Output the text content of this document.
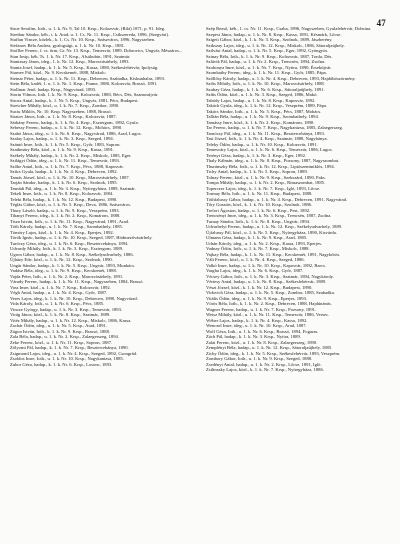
47

Stroe Serafim, Ioth., u. 1. k. Nr. 9, Tal 10. Krsp., Kolozsvár, (Rilá) 1871, p. 91. Ideg.

Streibur Sándor, kéb., t. k. Arad, u. 1. Cs. Nr. 11. Krsp., Csíkszereda, 1896, (Szegvári).

Staffan Vincze, közlek., k. 1. Cs. Nr. 10. Krsp., Szászváros, 1896, Nagyszeben.

Stefanov Béla Andrea, gyalogsági, u. 1. k. Nr. 10. Krsp., 1881.

Stoffler Ferenc, f. cs. őrm, Gr. Nr. 13. Krsp., Temesvár, 1889, Dobrovics, Ungvár, Mészáros...

Stan Iosip, kéb. Ts. 1. k. Nr. 17. Krsp., Alsókubin, 1891, Szatmár.

Stanizsay János, ideg., 1. k. Nr. 12. Krsp., Marosvásárhely, 1893.

Stanta Josef, hadap., k. 1. k. Nr. 5. Krsp., Kassa, 1880, Székesfehérvár, Ipolyság.

Starnev Pál, közl., Nr. 9. Kecskemét, 1888, Miskolc.

Steinar Péter, hadap., u. 1. k. Nr. 11. Krsp., Debrecen, Szabadka, Kiskunhalas, 1893.

Stein Béla, kadét, 1. u. 1. k. Nr. 1. Krsp., Fiume, 1880, Kolozsvár, Brassó, 1891.

Stollmar Jenő, hadap. Krsp., Nagyvárad, 1893.

Storin Vilmos, Ioth. 1. k. Nr. 9. Krsp., Kolozsvár, 1880, Bécs, Dés, Szamosújvár.

Strosz Antal, hadap., k. 1. Nr. 5. Krsp., Ungvár, 1881, Pécs, Budapest.

Streicher Mihály, közl., u. 1. k. Nr. 7. Krsp., Zombor, 1890.

Suciu Miklós, Nr. 10. Krsp. Nagyszeben, 1888, Brassó.

Stratov János, Ioth., u. 1. k. Nr. 8. Krsp., Kolozsvár, 1887.

Sárkány Ferenc, hadap., k. 1. k. Nr. 4. Krsp., Esztergom, 1892, Gyula.

Sebessy Ferenc, hadap., u. 1. k. Nr. 12. Krsp., Mohács, 1890.

Szabó János, ideg., u. 1. k. Nr. 6. Krsp., Nagyvárad, 1886, Arad, Lugos.

Szalay Lajos, hadap., u. 1. k. Nr. 3. Krsp., Szeged, 1894.

Szántó Imre, Ioth., k. 1. k. Nr. 5. Krsp., Győr, 1883, Sopron.

Szathmáry Béla, közl., u. 1. k. Nr. 9. Krsp., Kassa, 1891.

Székely Mihály, hadap., k. 1. k. Nr. 2. Krsp., Miskolc, 1885, Eger.

Szilágyi Ödön, ideg., u. 1. k. Nr. 11. Krsp., Temesvár, 1893.

Szőke Antal, Ioth., u. 1. k. Nr. 7. Krsp., Pécs, 1888, Kaposvár.

Szűcs Gyula, hadap., k. 1. k. Nr. 4. Krsp., Debrecen, 1892.

Tamás József, közl., u. 1. k. Nr. 10. Krsp., Marosvásárhely, 1887.

Tarján Sándor, hadap., k. 1. k. Nr. 6. Krsp., Szolnok, 1895.

Tasnádi Pál, ideg., u. 1. k. Nr. 3. Krsp., Nyíregyháza, 1889, Szatmár.

Tekeli Imre, Ioth., u. 1. k. Nr. 8. Krsp., Kolozsvár, 1884.

Teleki Béla, hadap., k. 1. k. Nr. 12. Krsp., Budapest, 1890.

Téglás Gábor, közl., u. 1. k. Nr. 5. Krsp., Deva, 1886, Szászváros.

Thury László, hadap., u. 1. k. Nr. 9. Krsp., Veszprém, 1893.

Tihanyi Ferenc, ideg., k. 1. k. Nr. 2. Krsp., Komárom, 1888.

Tisza István, Ioth., u. 1. k. Nr. 11. Krsp., Nagyvárad, 1891, Arad.

Tóth Károly, hadap., u. 1. k. Nr. 7. Krsp., Szombathely, 1885.

Tömöry Lajos, közl., k. 1. k. Nr. 4. Krsp., Eperjes, 1892.

Török Ignác, hadap., u. 1. k. Nr. 10. Krsp., Szeged, 1887, Hódmezővásárhely.

Turóczy Géza, ideg., u. 1. k. Nr. 6. Krsp., Besztercebánya, 1894.

Udvardy Mihály, Ioth., k. 1. k. Nr. 3. Krsp., Esztergom, 1889.

Ugron Gábor, hadap., u. 1. k. Nr. 8. Krsp., Székelyudvarhely, 1886.

Újházy Ede, közl., u. 1. k. Nr. 12. Krsp., Szolnok, 1890.

Ungár Sándor, hadap., k. 1. k. Nr. 5. Krsp., Ungvár, 1893, Munkács.

Vadász Béla, ideg., u. 1. k. Nr. 9. Krsp., Kecskemét, 1888.

Vajda Péter, Ioth., u. 1. k. Nr. 2. Krsp., Marosvásárhely, 1891.

Várady Ferenc, hadap., k. 1. k. Nr. 11. Krsp., Nagyszeben, 1884, Brassó.

Vass Imre, közl., u. 1. k. Nr. 7. Krsp., Kolozsvár, 1892.

Végh Antal, hadap., u. 1. k. Nr. 4. Krsp., Győr, 1887.

Veres Lajos, ideg., k. 1. k. Nr. 10. Krsp., Debrecen, 1890, Nagyvárad.

Vida Károly, Ioth., u. 1. k. Nr. 6. Krsp., Pécs, 1885.

Vincze György, hadap., u. 1. k. Nr. 3. Krsp., Temesvár, 1893.

Virág János, közl., k. 1. k. Nr. 8. Krsp., Szatmár, 1889.

Vitéz Mihály, hadap., u. 1. k. Nr. 12. Krsp., Miskolc, 1886, Kassa.

Zachár Ödön, ideg., u. 1. k. Nr. 5. Krsp., Arad, 1891.

Zágon István, Ioth., k. 1. k. Nr. 9. Krsp., Brassó, 1888.

Zala Béla, hadap., u. 1. k. Nr. 2. Krsp., Zalaegerszeg, 1894.

Zeke Ferenc, közl., u. 1. k. Nr. 11. Krsp., Sopron, 1887.

Zólyomi Pál, hadap., k. 1. k. Nr. 7. Krsp., Besztercebánya, 1890.

Zsigmond Lajos, ideg., u. 1. k. Nr. 4. Krsp., Szeged, 1892, Csongrád.

Zsoldos Imre, Ioth., u. 1. k. Nr. 10. Krsp., Nagykanizsa, 1885.

Zubor Géza, hadap., k. 1. k. Nr. 6. Krsp., Losonc, 1893.

Szép Rezső, kéb., 1. cs. Nr. 11. Krsp., Csaba, 1896, Nagyszeben, Gyulafehérvár, Dobsina.

Szepesi János, hadap., u. 1. k. Nr. 8. Krsp., Kassa, 1891, Késmárk, Lőcse.

Szigeti Gábor, közl., k. 1. k. Nr. 3. Krsp., Szolnok, 1889, Jászberény.

Szikszay Lajos, ideg., u. 1. k. Nr. 12. Krsp., Miskolc, 1886, Sátoraljaújhely.

Szilvási Antal, hadap., u. 1. k. Nr. 5. Krsp., Eger, 1892, Gyöngyös.

Szinay Béla, Ioth., k. 1. k. Nr. 9. Krsp., Kolozsvár, 1887, Torda, Dés.

Szlávik Pál, hadap., u. 1. k. Nr. 2. Krsp., Trencsén, 1894, Zsolna.

Szobonya Imre, közl., u. 1. k. Nr. 7. Krsp., Nyitra, 1890, Érsekújvár.

Szombathy Ferenc, ideg., k. 1. k. Nr. 11. Krsp., Győr, 1885, Pápa.

Szőllősy Károly, hadap., u. 1. k. Nr. 4. Krsp., Debrecen, 1893, Hajdúböszörmény.

Szőts Mihály, Ioth., u. 1. k. Nr. 10. Krsp., Marosvásárhely, 1888.

Szuhay Géza, hadap., k. 1. k. Nr. 6. Krsp., Sátoraljaújhely, 1891.

Szűts Ödön, közl., u. 1. k. Nr. 3. Krsp., Szeged, 1886, Makó.

Tabódy Lajos, hadap., u. 1. k. Nr. 8. Krsp., Kaposvár, 1892.

Takách Gyula, ideg., k. 1. k. Nr. 12. Krsp., Veszprém, 1889, Pápa.

Takács Sándor, Ioth., u. 1. k. Nr. 5. Krsp., Pécs, 1887, Mohács.

Tallián Béla, hadap., u. 1. k. Nr. 9. Krsp., Szombathely, 1894.

Tamássy Imre, közl., k. 1. k. Nr. 2. Krsp., Komárom, 1890.

Tar Ferenc, hadap., u. 1. k. Nr. 7. Krsp., Nagykanizsa, 1885, Zalaegerszeg.

Tarnóczy Pál, ideg., u. 1. k. Nr. 11. Krsp., Besztercebánya, 1893.

Tasi József, Ioth., k. 1. k. Nr. 4. Krsp., Szatmár, 1888, Nagybánya.

Teleky Ödön, hadap., u. 1. k. Nr. 10. Krsp., Kolozsvár, 1891.

Temesváry Lajos, közl., u. 1. k. Nr. 6. Krsp., Temesvár, 1886, Lugos.

Terényi Géza, hadap., k. 1. k. Nr. 3. Krsp., Eger, 1892.

Thaly Kálmán, ideg., u. 1. k. Nr. 8. Krsp., Pozsony, 1887, Nagyszombat.

Thuránszky Béla, Ioth., u. 1. k. Nr. 12. Krsp., Liptószentmiklós, 1894.

Tichy Antal, hadap., k. 1. k. Nr. 5. Krsp., Sopron, 1889.

Tolnay Ferenc, közl., u. 1. k. Nr. 9. Krsp., Szekszárd, 1890, Paks.

Tompa Mihály, hadap., u. 1. k. Nr. 2. Krsp., Rimaszombat, 1885.

Toperczer Lajos, ideg., k. 1. k. Nr. 7. Krsp., Igló, 1893, Lőcse.

Tormay Béla, Ioth., u. 1. k. Nr. 11. Krsp., Budapest, 1888.

Tóthfalussy Gábor, hadap., u. 1. k. Nr. 4. Krsp., Debrecen, 1891, Nagyvárad.

Tőry Gusztáv, közl., k. 1. k. Nr. 10. Krsp., Szolnok, 1886.

Trefort Ágoston, hadap., u. 1. k. Nr. 6. Krsp., Pest, 1892.

Trencsényi Imre, ideg., u. 1. k. Nr. 3. Krsp., Trencsén, 1887, Zsolna.

Turnay Sándor, Ioth., k. 1. k. Nr. 8. Krsp., Ungvár, 1894.

Udvarhelyi Ferenc, hadap., u. 1. k. Nr. 12. Krsp., Székelyudvarhely, 1889.

Újfalussy Pál, közl., u. 1. k. Nr. 5. Krsp., Nyíregyháza, 1890, Kisvárda.

Ulmann Géza, hadap., k. 1. k. Nr. 9. Krsp., Arad, 1885.

Urbán Károly, ideg., u. 1. k. Nr. 2. Krsp., Kassa, 1893, Eperjes.

Vadnay Ödön, Ioth., u. 1. k. Nr. 7. Krsp., Miskolc, 1888.

Vajkay Béla, hadap., k. 1. k. Nr. 11. Krsp., Kecskemét, 1891, Nagykőrös.

Váli Ferenc, közl., u. 1. k. Nr. 4. Krsp., Szeged, 1886.

Valkó Imre, hadap., u. 1. k. Nr. 10. Krsp., Kaposvár, 1892, Barcs.

Vargha Lajos, ideg., k. 1. k. Nr. 6. Krsp., Győr, 1887.

Vécsey Gábor, Ioth., u. 1. k. Nr. 3. Krsp., Szatmár, 1894, Nagykároly.

Vértesy Antal, hadap., u. 1. k. Nr. 8. Krsp., Székesfehérvár, 1889.

Vészi József, közl., k. 1. k. Nr. 12. Krsp., Budapest, 1890.

Vidovich Géza, hadap., u. 1. k. Nr. 5. Krsp., Zombor, 1885, Szabadka.

Vitális Ödön, ideg., u. 1. k. Nr. 9. Krsp., Eperjes, 1893.

Vörös Béla, Ioth., k. 1. k. Nr. 2. Krsp., Debrecen, 1888, Hajdúnánás.

Wagner Ferenc, hadap., u. 1. k. Nr. 7. Krsp., Pozsony, 1891.

Weisz Mihály, közl., u. 1. k. Nr. 11. Krsp., Temesvár, 1886, Versec.

Wéber Lajos, hadap., k. 1. k. Nr. 4. Krsp., Kassa, 1892.

Wenczel Imre, ideg., u. 1. k. Nr. 10. Krsp., Arad, 1887.

Wolf Géza, Ioth., u. 1. k. Nr. 6. Krsp., Brassó, 1894, Fogaras.

Zách Pál, hadap., k. 1. k. Nr. 3. Krsp., Nyitra, 1889.

Zalai Ferenc, közl., u. 1. k. Nr. 8. Krsp., Zalaegerszeg, 1890.

Zemplényi Béla, hadap., u. 1. k. Nr. 12. Krsp., Sátoraljaújhely, 1885.

Zichy Ödön, ideg., k. 1. k. Nr. 5. Krsp., Székesfehérvár, 1893, Veszprém.

Zombory Gábor, Ioth., u. 1. k. Nr. 9. Krsp., Szeged, 1888.

Zsedényi Antal, hadap., u. 1. k. Nr. 2. Krsp., Lőcse, 1891, Igló.

Zsilinszky Lajos, közl., k. 1. k. Nr. 7. Krsp., Nyíregyháza, 1886.
